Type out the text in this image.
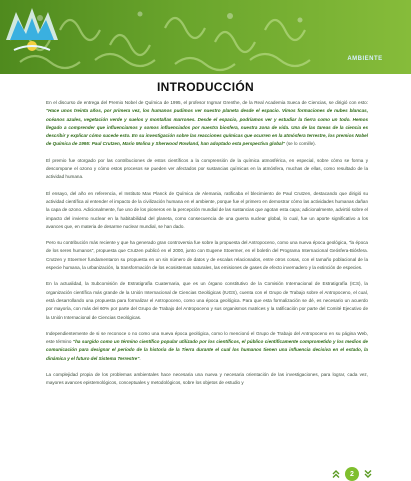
AMBIENTE
INTRODUCCIÓN

En el discurso de entrega del Premio Nobel de Química de 1995, el profesor Ingmar Grenthe, de la Real Academia Sueca de Ciencias, se dirigió con esto: "Hace unos treinta años, por primera vez, los humanos pudimos ver nuestro planeta desde el espacio. Vimos formaciones de nubes blancas, océanos azules, vegetación verde y suelos y montañas marrones. Desde el espacio, podríamos ver y estudiar la tierra como un todo. Hemos llegado a comprender que influenciamos y somos influenciados por nuestra biosfera, nuestra zona de vida. Una de las tareas de la ciencia es describir y explicar cómo sucede esto. En su investigación sobre las reacciones químicas que ocurren en la atmósfera terrestre, los premios Nobel de Química de 1995: Paul Crutzen, Mario Molina y Sherwood Rowland, han adoptado esta perspectiva global" (se lo comille).

El premio fue otorgado por las contribuciones de estos científicos a la comprensión de la química atmosférica, en especial, sobre cómo se forma y descompone el ozono y cómo estos procesos se pueden ver afectados por sustancias químicas en la atmósfera, muchas de ellas, como resultado de la actividad humana.

El ensayo, del año en referencia, el Instituto Max Planck de Química de Alemania, ratificaba el blecimiento de Paul Crutzen, destacando que dirigió su actividad científica al entender el impacto de la civilización humana en el ambiente, porque fue el primero en demostrar cómo las actividades humanas dañan la capa de ozono. Adicionalmente, fue uno de los pioneros en la percepción mundial de las sustancias que agotan esta capa; adicionalmente, advirtió sobre el impacto del invierno nuclear en la habitabilidad del planeta, como consecuencia de una guerra nuclear global, lo cual, fue un aporte significativo a los avances que, en materia de desarme nuclear mundial, se han dado.

Pero su contribución más reciente y que ha generado gran controversia fue sobre la propuesta del Antropoceno, como una nueva época geológica, "la época de los seres humanos", propuesta que Crutzen publicó en el 2000, junto con Eugene Stoermer, en el boletín del Programa Internacional Geósfera-Biósfera. Crutzen y Stoermer fundamentaron su propuesta en un sin número de datos y de escalas relacionados, entre otros cosas, con el tamaño poblacional de la especie humana, la urbanización, la transformación de los ecosistemas naturales, las emisiones de gases de efecto invernadero y la extinción de especies.

En la actualidad, la Subcomisión de Estratigrafía Cuaternaria, que es un órgano constitutivo de la Comisión Internacional de Estratigrafía (ICS), la organización científica más grande de la Unión Internacional de Ciencias Geológicas (IUGS), cuenta con el Grupo de Trabajo sobre el Antropoceno, el cual, está desarrollando una propuesta para formalizar el Antropoceno, como una época geológica. Para que esta formalización se dé, es necesario un acuerdo por mayoría, con más del 60% por parte del Grupo de Trabajo del Antropoceno y sus organismos matrices y la ratificación por parte del Comité Ejecutivo de la Unión Internacional de Ciencias Geológicas.

Independientemente de si se reconoce o no como una nueva época geológica, como lo mencionó el Grupo de Trabajo del Antropoceno en su página Web, este término "ha surgido como un término científico popular utilizado por los científicos, el público científicamente comprometido y los medios de comunicación para designar el período de la historia de la Tierra durante el cual los humanos tienen una influencia decisiva en el estado, la dinámica y el futuro del Sistema Terrestre".

La complejidad propia de los problemas ambientales hace necesaria una nueva y necesaria orientación de las investigaciones, para lograr, cada vez, mayores avances epistemológicos, conceptuales y metodológicos, sobre los objetos de estudio y

2
